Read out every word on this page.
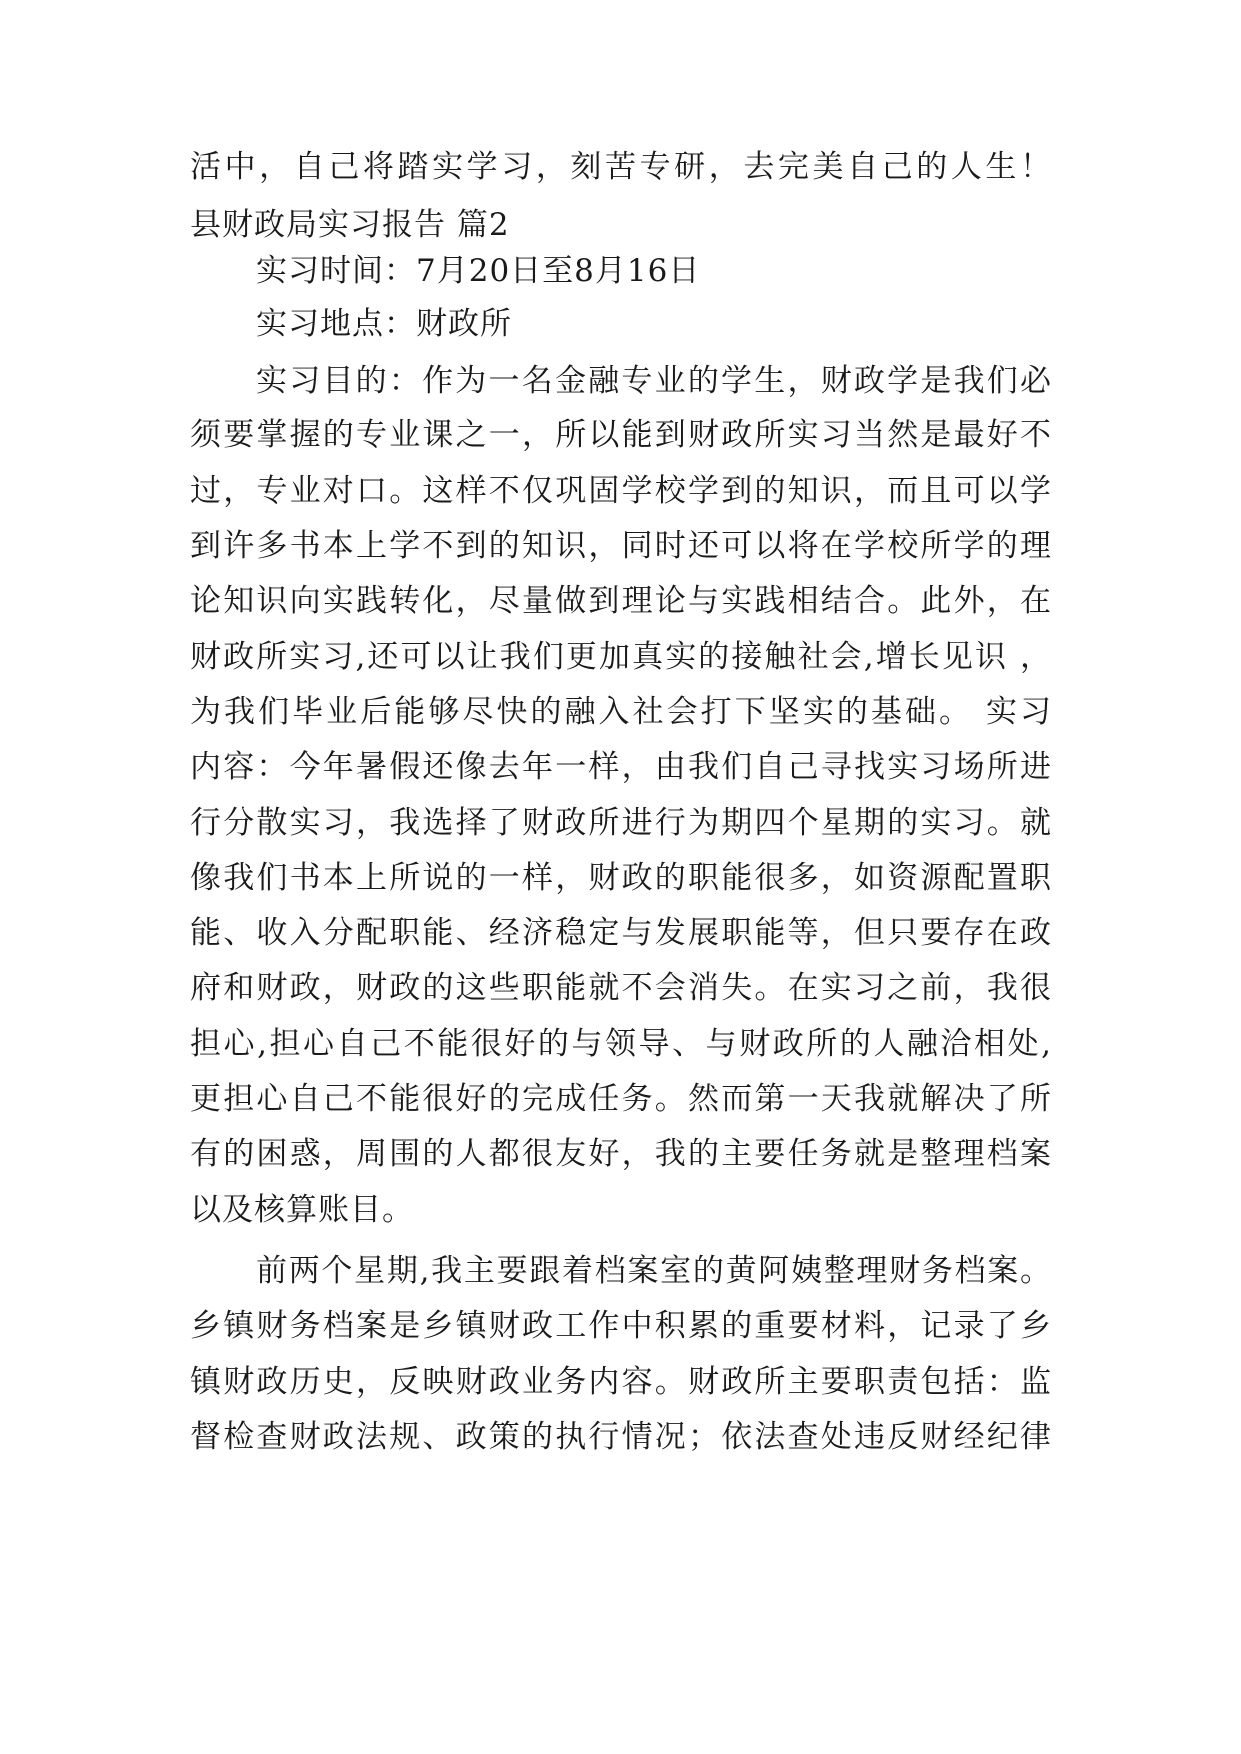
活中，自己将踏实学习，刻苦专研，去完美自己的人生！
县财政局实习报告 篇2
实习时间：7月20日至8月16日
实习地点：财政所
实习目的：作为一名金融专业的学生，财政学是我们必
须要掌握的专业课之一，所以能到财政所实习当然是最好不
过，专业对口。这样不仅巩固学校学到的知识，而且可以学
到许多书本上学不到的知识，同时还可以将在学校所学的理
论知识向实践转化，尽量做到理论与实践相结合。此外，在
财政所实习,还可以让我们更加真实的接触社会,增长见识 ，
为我们毕业后能够尽快的融入社会打下坚实的基础。 实习
内容：今年暑假还像去年一样，由我们自己寻找实习场所进
行分散实习，我选择了财政所进行为期四个星期的实习。就
像我们书本上所说的一样，财政的职能很多，如资源配置职
能、收入分配职能、经济稳定与发展职能等，但只要存在政
府和财政，财政的这些职能就不会消失。在实习之前，我很
担心,担心自己不能很好的与领导、与财政所的人融洽相处,
更担心自己不能很好的完成任务。然而第一天我就解决了所
有的困惑，周围的人都很友好，我的主要任务就是整理档案
以及核算账目。
前两个星期,我主要跟着档案室的黄阿姨整理财务档案。
乡镇财务档案是乡镇财政工作中积累的重要材料，记录了乡
镇财政历史，反映财政业务内容。财政所主要职责包括：监
督检查财政法规、政策的执行情况；依法查处违反财经纪律
